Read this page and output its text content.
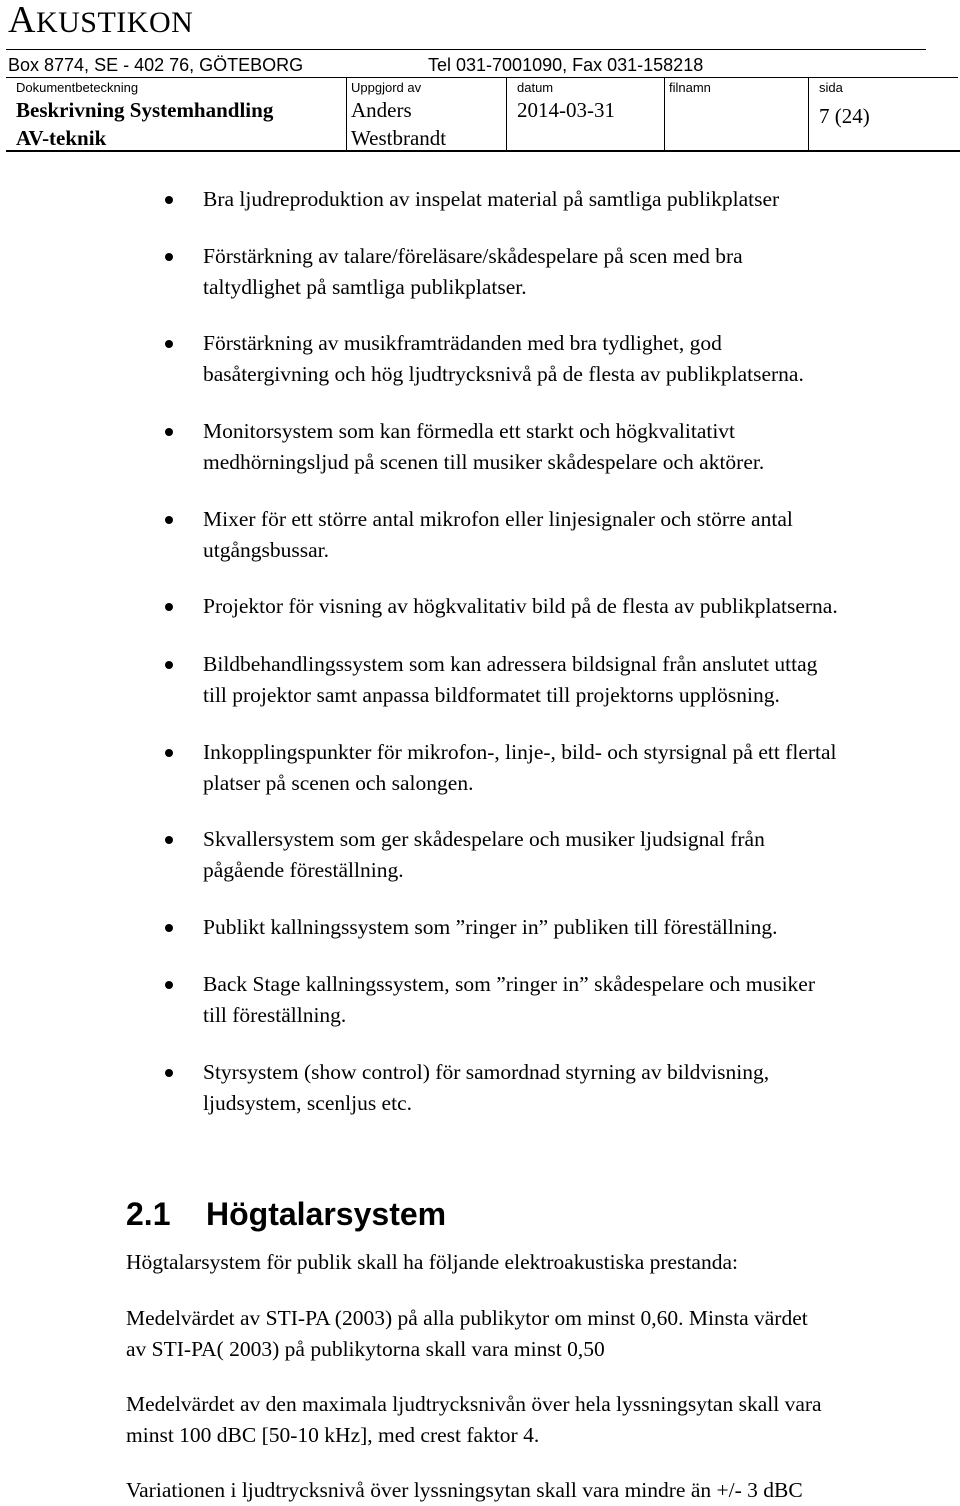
AKUSTIKON
Box 8774, SE - 402 76, GÖTEBORG	Tel 031-7001090, Fax 031-158218
Dokumentbeteckning
Beskrivning Systemhandling
AV-teknik
Uppgjord av
Anders
Westbrandt
datum
2014-03-31
filnamn	sida
7 (24)
Bra ljudreproduktion av inspelat material på samtliga publikplatser
Förstärkning av talare/föreläsare/skådespelare på scen med bra
taltydlighet på samtliga publikplatser.
Förstärkning av musikframträdanden med bra tydlighet, god
basåtergivning och hög ljudtrycksnivå på de flesta av publikplatserna.
Monitorsystem som kan förmedla ett starkt och högkvalitativt
medhörningsljud på scenen till musiker skådespelare och aktörer.
Mixer för ett större antal mikrofon eller linjesignaler och större antal
utgångsbussar.
Projektor för visning av högkvalitativ bild på de flesta av publikplatserna.
Bildbehandlingssystem som kan adressera bildsignal från anslutet uttag
till projektor samt anpassa bildformatet till projektorns upplösning.
Inkopplingspunkter för mikrofon-, linje-, bild- och styrsignal på ett flertal
platser på scenen och salongen.
Skvallersystem som ger skådespelare och musiker ljudsignal från
pågående föreställning.
Publikt kallningssystem som ”ringer in” publiken till föreställning.
Back Stage kallningssystem, som ”ringer in” skådespelare och musiker
till föreställning.
Styrsystem (show control) för samordnad styrning av bildvisning,
ljudsystem, scenljus etc.
2.1 Högtalarsystem
Högtalarsystem för publik skall ha följande elektroakustiska prestanda:
Medelvärdet av STI-PA (2003) på alla publikytor om minst 0,60. Minsta värdet
av STI-PA( 2003) på publikytorna skall vara minst 0,50
Medelvärdet av den maximala ljudtrycksnivån över hela lyssningsytan skall vara
minst 100 dBC [50-10 kHz], med crest faktor 4.
Variationen i ljudtrycksnivå över lyssningsytan skall vara mindre än +/- 3 dBC
